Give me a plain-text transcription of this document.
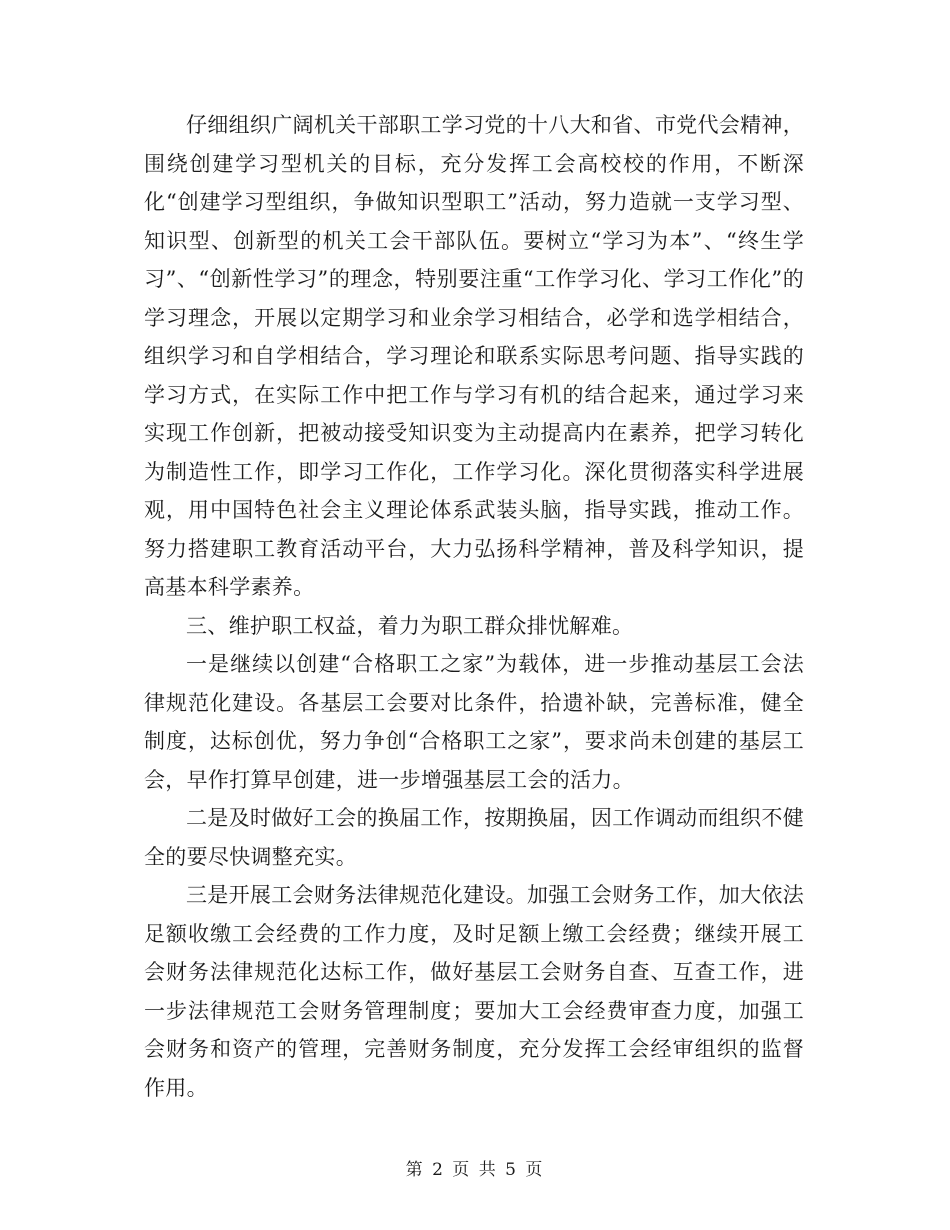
仔细组织广阔机关干部职工学习党的十八大和省、市党代会精神，围绕创建学习型机关的目标，充分发挥工会高校校的作用，不断深化“创建学习型组织，争做知识型职工”活动，努力造就一支学习型、知识型、创新型的机关工会干部队伍。要树立“学习为本”、“终生学习”、“创新性学习”的理念，特别要注重“工作学习化、学习工作化”的学习理念，开展以定期学习和业余学习相结合，必学和选学相结合，组织学习和自学相结合，学习理论和联系实际思考问题、指导实践的学习方式，在实际工作中把工作与学习有机的结合起来，通过学习来实现工作创新，把被动接受知识变为主动提高内在素养，把学习转化为制造性工作，即学习工作化，工作学习化。深化贯彻落实科学进展观，用中国特色社会主义理论体系武装头脑，指导实践，推动工作。努力搭建职工教育活动平台，大力弘扬科学精神，普及科学知识，提高基本科学素养。

三、维护职工权益，着力为职工群众排忧解难。

一是继续以创建“合格职工之家”为载体，进一步推动基层工会法律规范化建设。各基层工会要对比条件，拾遗补缺，完善标准，健全制度，达标创优，努力争创“合格职工之家”，要求尚未创建的基层工会，早作打算早创建，进一步增强基层工会的活力。

二是及时做好工会的换届工作，按期换届，因工作调动而组织不健全的要尽快调整充实。

三是开展工会财务法律规范化建设。加强工会财务工作，加大依法足额收缴工会经费的工作力度，及时足额上缴工会经费；继续开展工会财务法律规范化达标工作，做好基层工会财务自查、互查工作，进一步法律规范工会财务管理制度；要加大工会经费审查力度，加强工会财务和资产的管理，完善财务制度，充分发挥工会经审组织的监督作用。

第 2 页 共 5 页
